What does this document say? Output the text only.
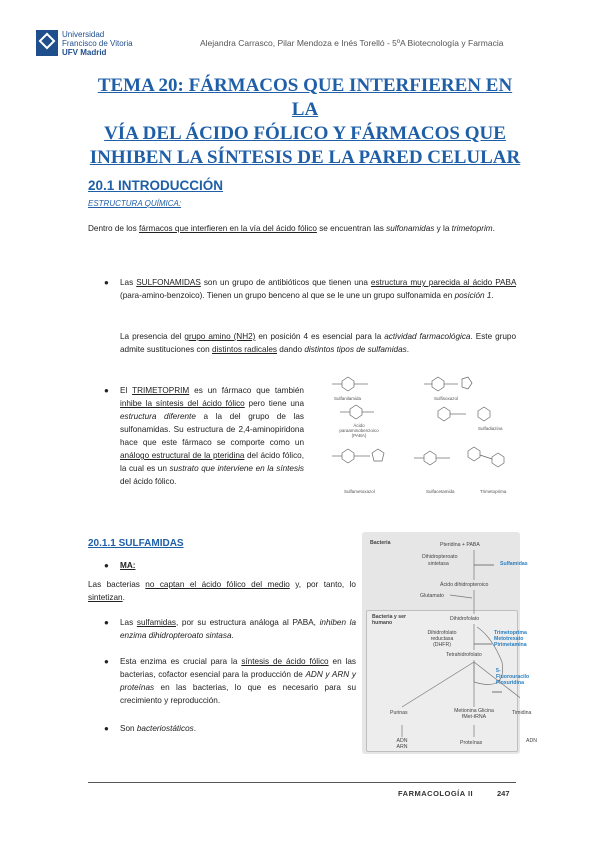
Universidad
Francisco de Vitoria
UFV Madrid
Alejandra Carrasco, Pilar Mendoza e Inés Torelló - 5ºA Biotecnología y Farmacia
TEMA 20: FÁRMACOS QUE INTERFIEREN EN LA
VÍA DEL ÁCIDO FÓLICO Y FÁRMACOS QUE
INHIBEN LA SÍNTESIS DE LA PARED CELULAR
20.1 INTRODUCCIÓN
ESTRUCTURA QUÍMICA:
Dentro de los fármacos que interfieren en la vía del ácido fólico se encuentran las sulfonamidas y la trimetoprim.
● Las SULFONAMIDAS son un grupo de antibióticos que tienen una estructura muy parecida al ácido PABA (para-amino-benzoico). Tienen un grupo benceno al que se le une un grupo sulfonamida en posición 1.
La presencia del grupo amino (NH2) en posición 4 es esencial para la actividad farmacológica. Este grupo admite sustituciones con distintos radicales dando distintos tipos de sulfamidas.
● El TRIMETOPRIM es un fármaco que también inhibe la síntesis del ácido fólico pero tiene una estructura diferente a la del grupo de las sulfonamidas. Su estructura de 2,4-aminopiridona hace que este fármaco se comporte como un análogo estructural de la pteridina del ácido fólico, la cual es un sustrato que interviene en la síntesis del ácido fólico.
Sulfanilamida	Sulfisoxazol
Sulfadiazina
Ácido paraaminobenzoico (PABA)
Sulfametoxazol	Sulfacetamida	Trimetoprima
20.1.1 SULFAMIDAS
● MA:
Las bacterias no captan el ácido fólico del medio y, por tanto, lo sintetizan.
● Las sulfamidas, por su estructura análoga al PABA, inhiben la enzima dihidropteroato sintasa.
● Esta enzima es crucial para la síntesis de ácido fólico en las bacterias, cofactor esencial para la producción de ADN y ARN y proteínas en las bacterias, lo que es necesario para su crecimiento y reproducción.
● Son bacteriostáticos.
Bacteria	Pteridina + PABA
Dihidropteroato
sintetasa	Sulfamidas
Ácido dihidropteroico
Glutamato
Bacteria y ser humano
Dihidrofolato
Dihidrofolato reductasa (DHFR)
Trimetoprima Metotrexato Pirimetamina
Tetrahidrofolato
5-Fluorouracilo Floxuridina
Purinas	Metionina Glicina fMet-tRNA
Timidina
ADN ARN
Proteínas	ADN
FARMACOLOGÍA II	247
